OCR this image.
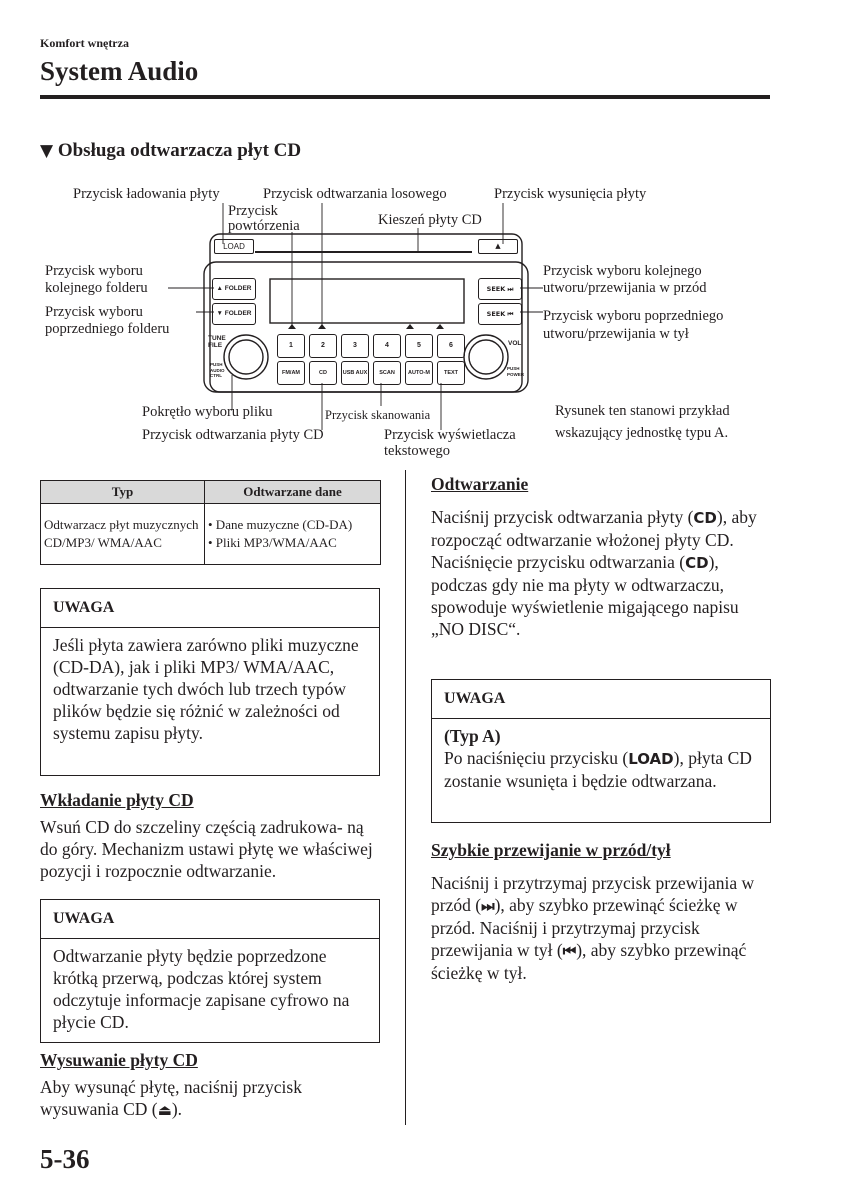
Komfort wnętrza
System Audio
▼ Obsługa odtwarzacza płyt CD
LOAD	▲
▲ FOLDER
▼ FOLDER
SEEK ⏭
SEEK ⏮
TUNE
FILE
PUSH
AUDIO
CTRL
VOL
PUSH
POWER
1	2	3	4	5	6
FM/AM	CD	USB AUX SCAN AUTO-M	TEXT
Przycisk ładowania płyty	Przycisk odtwarzania losowego	Przycisk wysunięcia płyty
Przycisk
powtórzenia	Kieszeń płyty CD
Przycisk wyboru
kolejnego folderu
Przycisk wyboru
poprzedniego folderu
Przycisk wyboru kolejnego
utworu/przewijania w przód
Przycisk wyboru poprzedniego
utworu/przewijania w tył
Pokrętło wyboru pliku	Przycisk skanowania
Przycisk odtwarzania płyty CD	Przycisk wyświetlacza
tekstowego
Rysunek ten stanowi przykład
wskazujący jednostkę typu A.
Typ	Odtwarzane dane
Odtwarzacz płyt muzycznych CD/MP3/ WMA/AAC	• Dane muzyczne (CD-DA)
• Pliki MP3/WMA/AAC
UWAGA
Jeśli płyta zawiera zarówno pliki muzyczne (CD-DA), jak i pliki MP3/ WMA/AAC, odtwarzanie tych dwóch lub trzech typów plików będzie się różnić w zależności od systemu zapisu płyty.
Wkładanie płyty CD
Wsuń CD do szczeliny częścią zadrukowa- ną do góry. Mechanizm ustawi płytę we właściwej pozycji i rozpocznie odtwarzanie.
UWAGA
Odtwarzanie płyty będzie poprzedzone krótką przerwą, podczas której system odczytuje informacje zapisane cyfrowo na płycie CD.
Wysuwanie płyty CD
Aby wysunąć płytę, naciśnij przycisk wysuwania CD (⏏).
Odtwarzanie
Naciśnij przycisk odtwarzania płyty (CD), aby rozpocząć odtwarzanie włożonej płyty CD. Naciśnięcie przycisku odtwarzania (CD), podczas gdy nie ma płyty w odtwarzaczu, spowoduje wyświetlenie migającego napisu „NO DISC“.
UWAGA
(Typ A)
Po naciśnięciu przycisku (LOAD), płyta CD zostanie wsunięta i będzie odtwarzana.
Szybkie przewijanie w przód/tył
Naciśnij i przytrzymaj przycisk przewijania w przód (⏭), aby szybko przewinąć ścieżkę w przód. Naciśnij i przytrzymaj przycisk przewijania w tył (⏮), aby szybko przewinąć ścieżkę w tył.
5-36
